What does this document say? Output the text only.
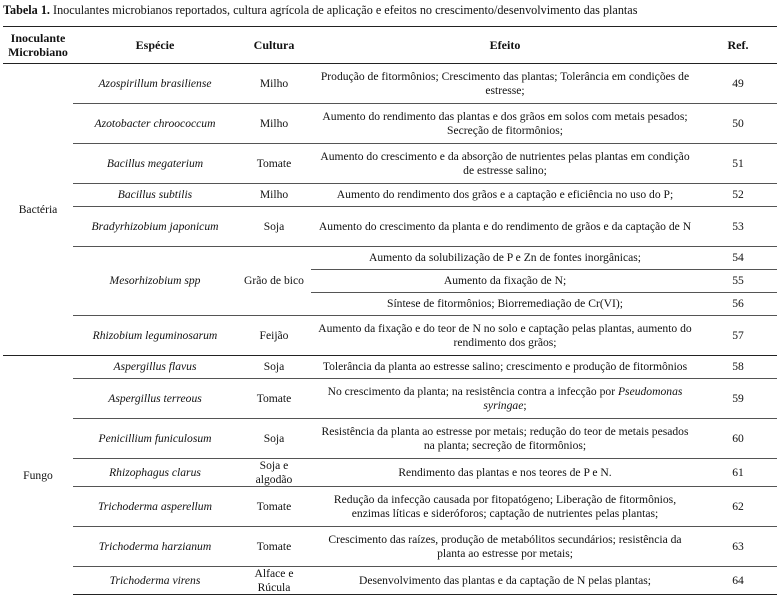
Tabela 1. Inoculantes microbianos reportados, cultura agrícola de aplicação e efeitos no crescimento/desenvolvimento das plantas
Inoculante Microbiano	Espécie	Cultura	Efeito	Ref.
Bactéria	Azospirillum brasiliense	Milho	Produção de fitormônios; Crescimento das plantas; Tolerância em condições de estresse;	49
	Azotobacter chroococcum	Milho	Aumento do rendimento das plantas e dos grãos em solos com metais pesados; Secreção de fitormônios;	50
	Bacillus megaterium	Tomate	Aumento do crescimento e da absorção de nutrientes pelas plantas em condição de estresse salino;	51
	Bacillus subtilis	Milho	Aumento do rendimento dos grãos e a captação e eficiência no uso do P;	52
	Bradyrhizobium japonicum	Soja	Aumento do crescimento da planta e do rendimento de grãos e da captação de N	53
	Mesorhizobium spp	Grão de bico	Aumento da solubilização de P e Zn de fontes inorgânicas;	54
			Aumento da fixação de N;	55
			Síntese de fitormônios; Biorremediação de Cr(VI);	56
	Rhizobium leguminosarum	Feijão	Aumento da fixação e do teor de N no solo e captação pelas plantas, aumento do rendimento dos grãos;	57
Fungo	Aspergillus flavus	Soja	Tolerância da planta ao estresse salino; crescimento e produção de fitormônios	58
	Aspergillus terreous	Tomate	No crescimento da planta; na resistência contra a infecção por Pseudomonas syringae;	59
	Penicillium funiculosum	Soja	Resistência da planta ao estresse por metais; redução do teor de metais pesados na planta; secreção de fitormônios;	60
	Rhizophagus clarus	Soja e algodão	Rendimento das plantas e nos teores de P e N.	61
	Trichoderma asperellum	Tomate	Redução da infecção causada por fitopatógeno; Liberação de fitormônios, enzimas líticas e sideróforos; captação de nutrientes pelas plantas;	62
	Trichoderma harzianum	Tomate	Crescimento das raízes, produção de metabólitos secundários; resistência da planta ao estresse por metais;	63
	Trichoderma virens	Alface e Rúcula	Desenvolvimento das plantas e da captação de N pelas plantas;	64
